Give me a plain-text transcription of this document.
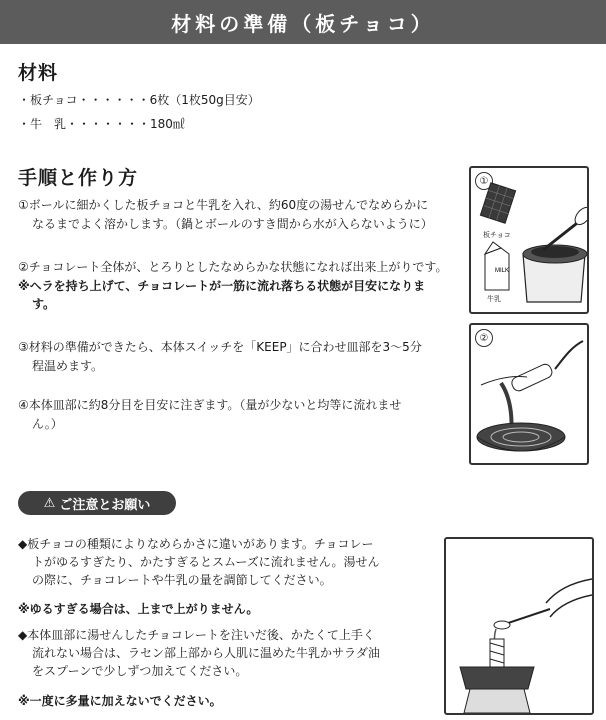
材料の準備（板チョコ）
材料
・板チョコ・・・・・・6枚（1枚50g目安）
・牛　乳・・・・・・・180㎖
手順と作り方
①ボールに細かくした板チョコと牛乳を入れ、約60度の湯せんでなめらかに
なるまでよく溶かします。（鍋とボールのすき間から水が入らないように）
②チョコレート全体が、とろりとしたなめらかな状態になれば出来上がりです。
※ヘラを持ち上げて、チョコレートが一筋に流れ落ちる状態が目安になりま
す。
③材料の準備ができたら、本体スイッチを「KEEP」に合わせ皿部を3〜5分
程温めます。
④本体皿部に約8分目を目安に注ぎます。（量が少ないと均等に流れませ
ん。）
①
MILK
板チョコ
牛乳
②
⚠ ご注意とお願い
◆板チョコの種類によりなめらかさに違いがあります。チョコレー
トがゆるすぎたり、かたすぎるとスムーズに流れません。湯せん
の際に、チョコレートや牛乳の量を調節してください。
※ゆるすぎる場合は、上まで上がりません。
◆本体皿部に湯せんしたチョコレートを注いだ後、かたくて上手く
流れない場合は、ラセン部上部から人肌に温めた牛乳かサラダ油
をスプーンで少しずつ加えてください。
※一度に多量に加えないでください。
